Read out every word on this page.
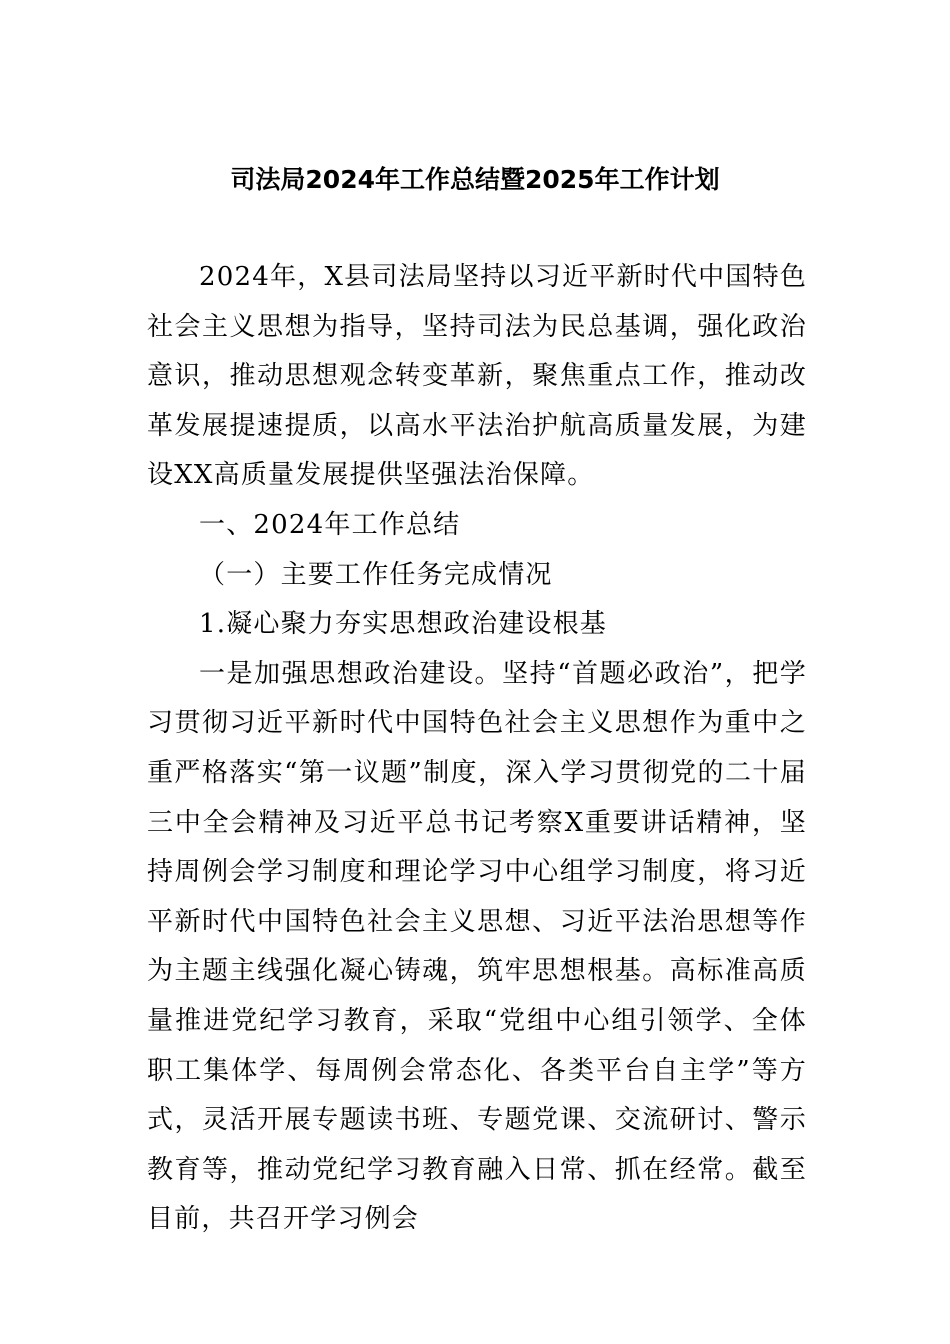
司法局2024年工作总结暨2025年工作计划

2024年，X县司法局坚持以习近平新时代中国特色社会主义思想为指导，坚持司法为民总基调，强化政治意识，推动思想观念转变革新，聚焦重点工作，推动改革发展提速提质，以高水平法治护航高质量发展，为建设XX高质量发展提供坚强法治保障。

一、2024年工作总结

（一）主要工作任务完成情况

1.凝心聚力夯实思想政治建设根基

一是加强思想政治建设。坚持“首题必政治”，把学习贯彻习近平新时代中国特色社会主义思想作为重中之重严格落实“第一议题”制度，深入学习贯彻党的二十届三中全会精神及习近平总书记考察X重要讲话精神，坚持周例会学习制度和理论学习中心组学习制度，将习近平新时代中国特色社会主义思想、习近平法治思想等作为主题主线强化凝心铸魂，筑牢思想根基。高标准高质量推进党纪学习教育，采取“党组中心组引领学、全体职工集体学、每周例会常态化、各类平台自主学”等方式，灵活开展专题读书班、专题党课、交流研讨、警示教育等，推动党纪学习教育融入日常、抓在经常。截至目前，共召开学习例会
